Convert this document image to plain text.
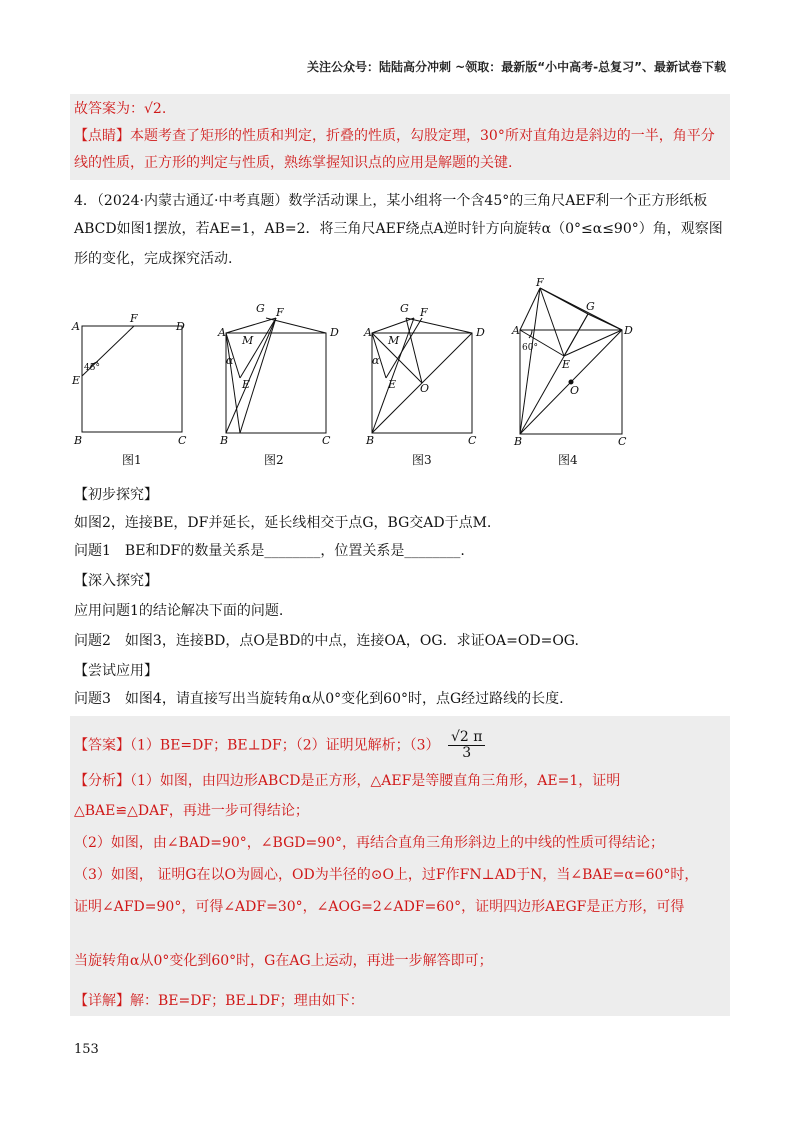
关注公众号：陆陆高分冲刺 ~领取：最新版“小中高考-总复习”、最新试卷下载
故答案为：√2.
【点睛】本题考查了矩形的性质和判定，折叠的性质，勾股定理，30°所对直角边是斜边的一半，角平分
线的性质，正方形的判定与性质，熟练掌握知识点的应用是解题的关键.
4．（2024·内蒙古通辽·中考真题）数学活动课上，某小组将一个含45°的三角尺AEF利一个正方形纸板
ABCD如图1摆放，若AE=1，AB=2．将三角尺AEF绕点A逆时针方向旋转α（0°≤α≤90°）角，观察图
形的变化，完成探究活动.
A
F
D
E
45°
B	C
A
G F
D
M
α
E
B	C
A
G F
D
M
α
E O
B	C
A
F
G
D
60°
E
O
B	C
图1	图2	图3	图4
【初步探究】
如图2，连接BE，DF并延长，延长线相交于点G，BG交AD于点M.
问题1　BE和DF的数量关系是________，位置关系是________.
【深入探究】
应用问题1的结论解决下面的问题.
问题2　如图3，连接BD，点O是BD的中点，连接OA，OG．求证OA=OD=OG.
【尝试应用】
问题3　如图4，请直接写出当旋转角α从0°变化到60°时，点G经过路线的长度.
【答案】（1）BE=DF；BE⊥DF；（2）证明见解析；$(3) \frac{√2 \pi}{3}$
【分析】（1）如图，由四边形ABCD是正方形，△AEF是等腰直角三角形，AE=1，证明
△BAE≌△DAF，再进一步可得结论；
（2）如图，由∠BAD=90°，∠BGD=90°，再结合直角三角形斜边上的中线的性质可得结论；
（3）如图， 证明G在以O为圆心，OD为半径的⊙O上，过F作FN⊥AD于N，当∠BAE=α=60°时，
证明∠AFD=90°，可得∠ADF=30°，∠AOG=2∠ADF=60°，证明四边形AEGF是正方形，可得
当旋转角α从0°变化到60°时，G在AG上运动，再进一步解答即可；
【详解】解：BE=DF；BE⊥DF；理由如下：
153
